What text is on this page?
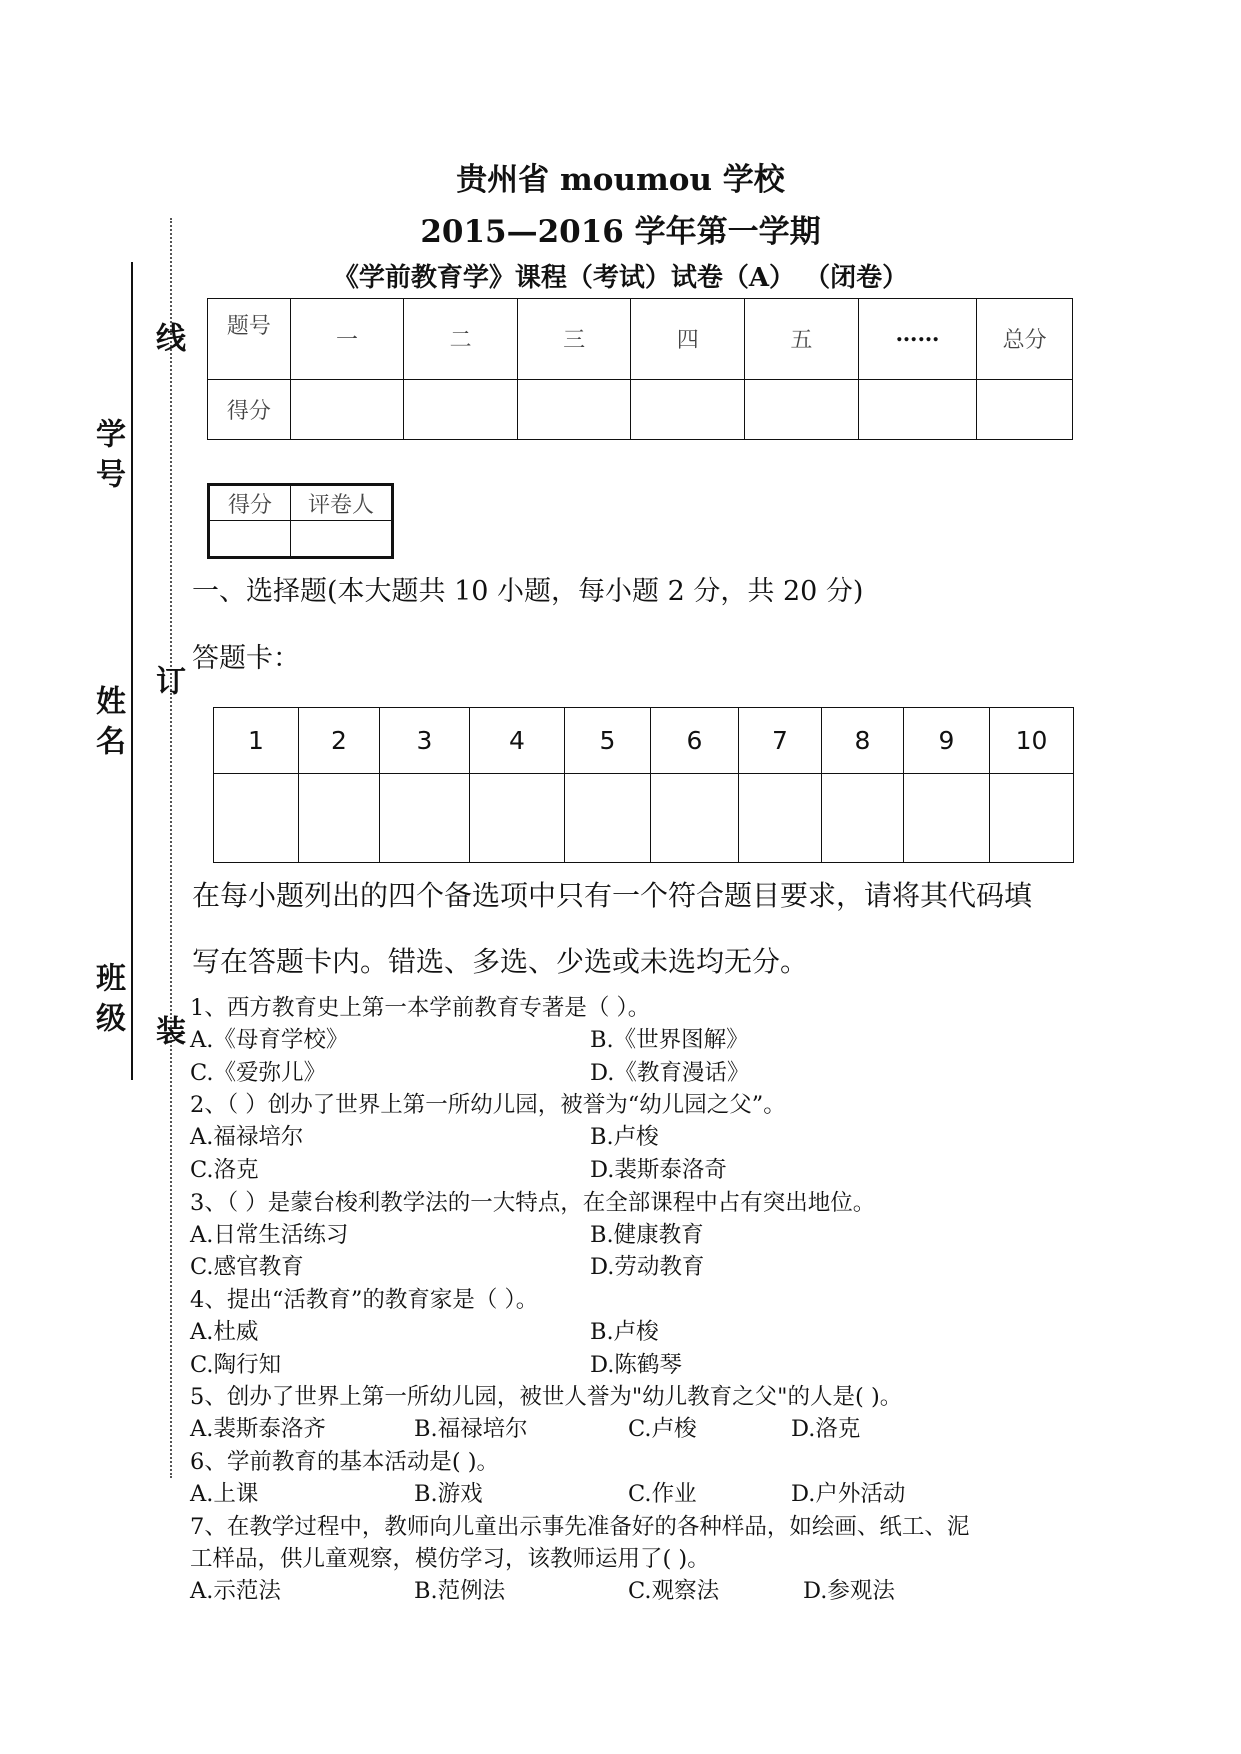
贵州省 moumou 学校
2015—2016 学年第一学期
《学前教育学》课程（考试）试卷（A） （闭卷）
线
订
装
学号
姓名
班级
题号	一	二	三	四	五	……	总分
得分							
得分	评卷人

一、选择题(本大题共 10 小题，每小题 2 分，共 20 分)
答题卡：
1	2	3	4	5	6	7	8	9	10

在每小题列出的四个备选项中只有一个符合题目要求，请将其代码填
写在答题卡内。错选、多选、少选或未选均无分。
1、西方教育史上第一本学前教育专著是（ ）。
A.《母育学校》	B.《世界图解》
C.《爱弥儿》	D.《教育漫话》
2、（ ）创办了世界上第一所幼儿园，被誉为“幼儿园之父”。
A.福禄培尔	B.卢梭
C.洛克	D.裴斯泰洛奇
3、（ ）是蒙台梭利教学法的一大特点，在全部课程中占有突出地位。
A.日常生活练习	B.健康教育
C.感官教育	D.劳动教育
4、提出“活教育”的教育家是（ ）。
A.杜威	B.卢梭
C.陶行知	D.陈鹤琴
5、创办了世界上第一所幼儿园，被世人誉为"幼儿教育之父"的人是( )。
A.裴斯泰洛齐	B.福禄培尔	C.卢梭	D.洛克
6、学前教育的基本活动是( )。
A.上课	B.游戏	C.作业	D.户外活动
7、在教学过程中，教师向儿童出示事先准备好的各种样品，如绘画、纸工、泥
工样品，供儿童观察，模仿学习，该教师运用了( )。
A.示范法	B.范例法	C.观察法	D.参观法
